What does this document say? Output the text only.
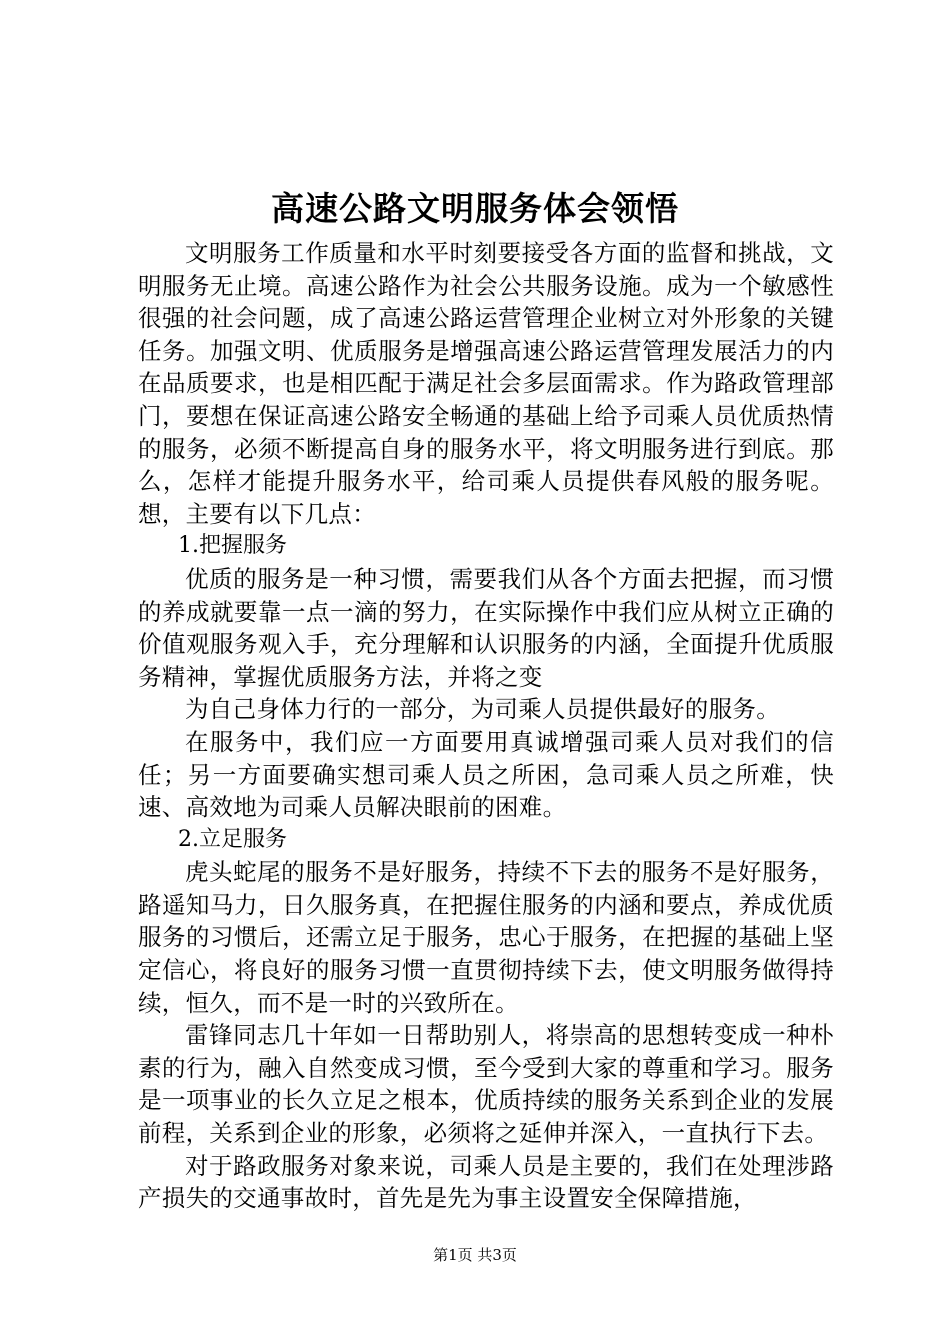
高速公路文明服务体会领悟

文明服务工作质量和水平时刻要接受各方面的监督和挑战，文明服务无止境。高速公路作为社会公共服务设施。成为一个敏感性很强的社会问题，成了高速公路运营管理企业树立对外形象的关键任务。加强文明、优质服务是增强高速公路运营管理发展活力的内在品质要求，也是相匹配于满足社会多层面需求。作为路政管理部门，要想在保证高速公路安全畅通的基础上给予司乘人员优质热情的服务，必须不断提高自身的服务水平，将文明服务进行到底。那么，怎样才能提升服务水平，给司乘人员提供春风般的服务呢。想，主要有以下几点：

1.把握服务

优质的服务是一种习惯，需要我们从各个方面去把握，而习惯的养成就要靠一点一滴的努力，在实际操作中我们应从树立正确的价值观服务观入手，充分理解和认识服务的内涵，全面提升优质服务精神，掌握优质服务方法，并将之变

为自己身体力行的一部分，为司乘人员提供最好的服务。

在服务中，我们应一方面要用真诚增强司乘人员对我们的信任；另一方面要确实想司乘人员之所困，急司乘人员之所难，快速、高效地为司乘人员解决眼前的困难。

2.立足服务

虎头蛇尾的服务不是好服务，持续不下去的服务不是好服务，路遥知马力，日久服务真，在把握住服务的内涵和要点，养成优质服务的习惯后，还需立足于服务，忠心于服务，在把握的基础上坚定信心，将良好的服务习惯一直贯彻持续下去，使文明服务做得持续，恒久，而不是一时的兴致所在。

雷锋同志几十年如一日帮助别人，将崇高的思想转变成一种朴素的行为，融入自然变成习惯，至今受到大家的尊重和学习。服务是一项事业的长久立足之根本，优质持续的服务关系到企业的发展前程，关系到企业的形象，必须将之延伸并深入，一直执行下去。

对于路政服务对象来说，司乘人员是主要的，我们在处理涉路产损失的交通事故时，首先是先为事主设置安全保障措施，

第1页 共3页
